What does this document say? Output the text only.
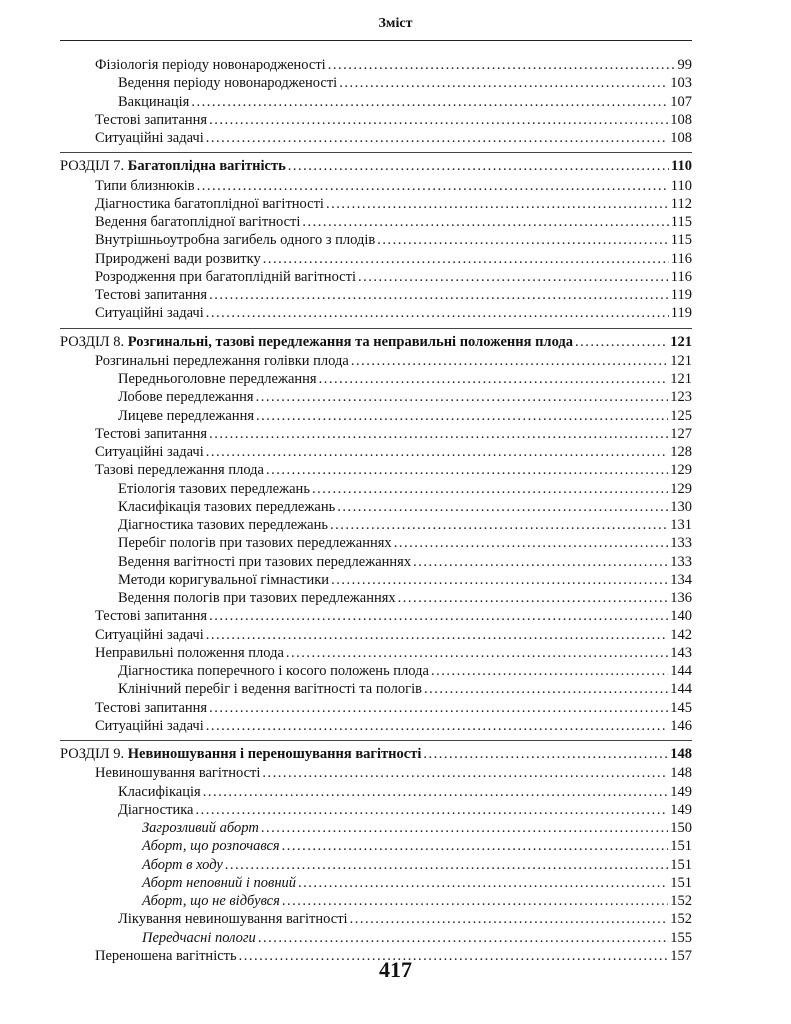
Зміст
Фізіологія періоду новонародженості .....	99
Ведення періоду новонародженості .....	103
Вакцинація .....	107
Тестові запитання .....	108
Ситуаційні задачі .....	108
РОЗДІЛ 7. Багатоплідна вагітність .....	110
Типи близнюків .....	110
Діагностика багатоплідної вагітності .....	112
Ведення багатоплідної вагітності .....	115
Внутрішньоутробна загибель одного з плодів .....	115
Природжені вади розвитку .....	116
Розродження при багатоплідній вагітності .....	116
Тестові запитання .....	119
Ситуаційні задачі .....	119
РОЗДІЛ 8. Розгинальні, тазові передлежання та неправильні положення плода .....	121
Розгинальні передлежання голівки плода .....	121
Передньоголовне передлежання .....	121
Лобове передлежання .....	123
Лицеве передлежання .....	125
Тестові запитання .....	127
Ситуаційні задачі .....	128
Тазові передлежання плода .....	129
Етіологія тазових передлежань .....	129
Класифікація тазових передлежань .....	130
Діагностика тазових передлежань .....	131
Перебіг пологів при тазових передлежаннях .....	133
Ведення вагітності при тазових передлежаннях .....	133
Методи коригувальної гімнастики .....	134
Ведення пологів при тазових передлежаннях .....	136
Тестові запитання .....	140
Ситуаційні задачі .....	142
Неправильні положення плода .....	143
Діагностика поперечного і косого положень плода .....	144
Клінічний перебіг і ведення вагітності та пологів .....	144
Тестові запитання .....	145
Ситуаційні задачі .....	146
РОЗДІЛ 9. Невиношування і переношування вагітності .....	148
Невиношування вагітності .....	148
Класифікація .....	149
Діагностика .....	149
Загрозливий аборт .....	150
Аборт, що розпочався .....	151
Аборт в ходу .....	151
Аборт неповний і повний .....	151
Аборт, що не відбувся .....	152
Лікування невиношування вагітності .....	152
Передчасні пологи .....	155
Переношена вагітність .....	157
417
